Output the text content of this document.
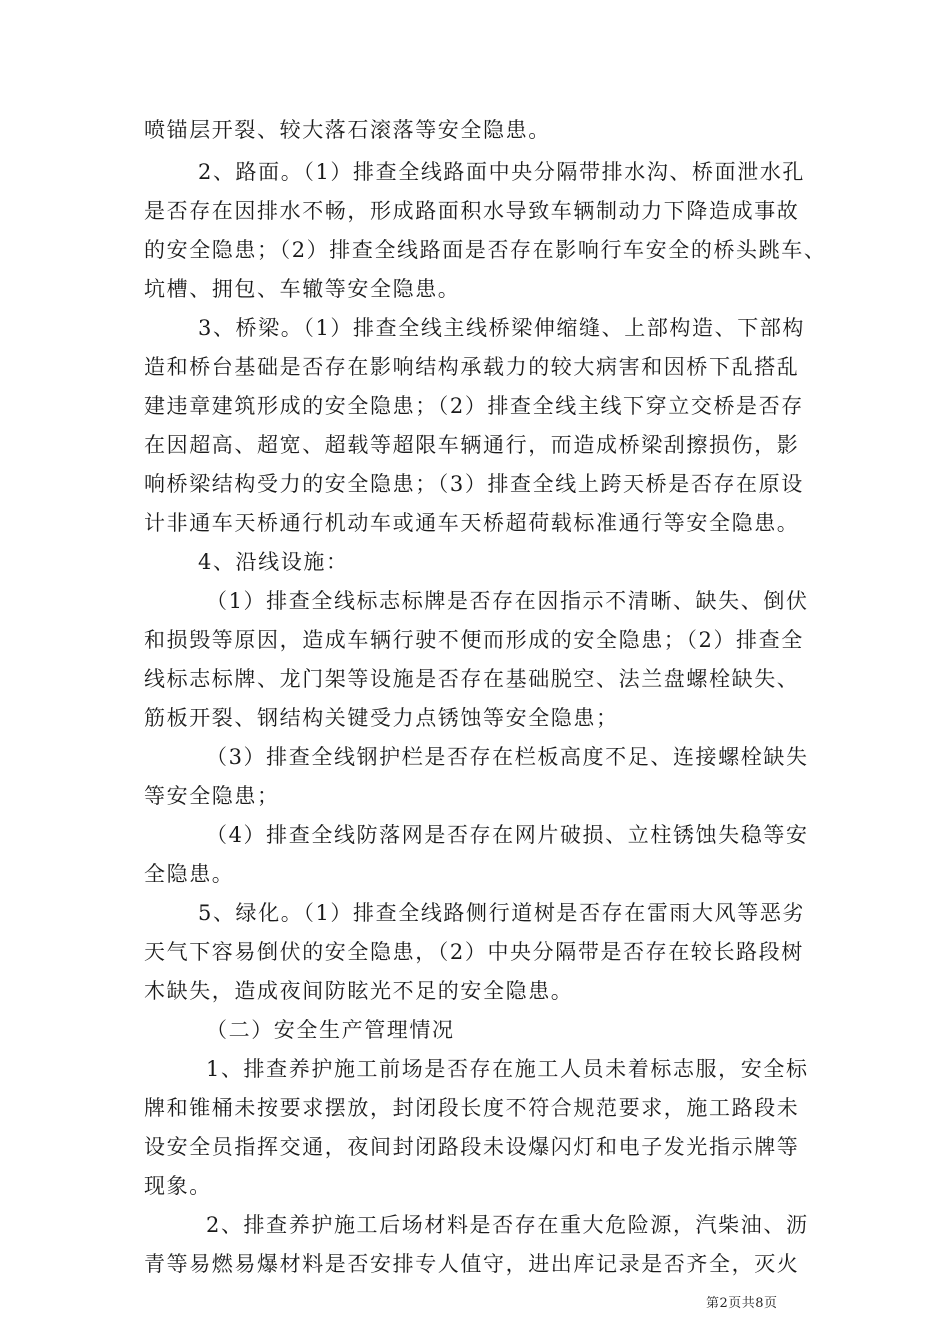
喷锚层开裂、较大落石滚落等安全隐患。
2、路面。（1）排查全线路面中央分隔带排水沟、桥面泄水孔
是否存在因排水不畅，形成路面积水导致车辆制动力下降造成事故
的安全隐患；（2）排查全线路面是否存在影响行车安全的桥头跳车、
坑槽、拥包、车辙等安全隐患。
3、桥梁。（1）排查全线主线桥梁伸缩缝、上部构造、下部构
造和桥台基础是否存在影响结构承载力的较大病害和因桥下乱搭乱
建违章建筑形成的安全隐患；（2）排查全线主线下穿立交桥是否存
在因超高、超宽、超载等超限车辆通行，而造成桥梁刮擦损伤，影
响桥梁结构受力的安全隐患；（3）排查全线上跨天桥是否存在原设
计非通车天桥通行机动车或通车天桥超荷载标准通行等安全隐患。
4、沿线设施：
（1）排查全线标志标牌是否存在因指示不清晰、缺失、倒伏
和损毁等原因，造成车辆行驶不便而形成的安全隐患；（2）排查全
线标志标牌、龙门架等设施是否存在基础脱空、法兰盘螺栓缺失、
筋板开裂、钢结构关键受力点锈蚀等安全隐患；
（3）排查全线钢护栏是否存在栏板高度不足、连接螺栓缺失
等安全隐患；
（4）排查全线防落网是否存在网片破损、立柱锈蚀失稳等安
全隐患。
5、绿化。（1）排查全线路侧行道树是否存在雷雨大风等恶劣
天气下容易倒伏的安全隐患，（2）中央分隔带是否存在较长路段树
木缺失，造成夜间防眩光不足的安全隐患。
（二）安全生产管理情况
1、排查养护施工前场是否存在施工人员未着标志服，安全标
牌和锥桶未按要求摆放，封闭段长度不符合规范要求，施工路段未
设安全员指挥交通，夜间封闭路段未设爆闪灯和电子发光指示牌等
现象。
2、排查养护施工后场材料是否存在重大危险源，汽柴油、沥
青等易燃易爆材料是否安排专人值守，进出库记录是否齐全，灭火
第2页共8页
